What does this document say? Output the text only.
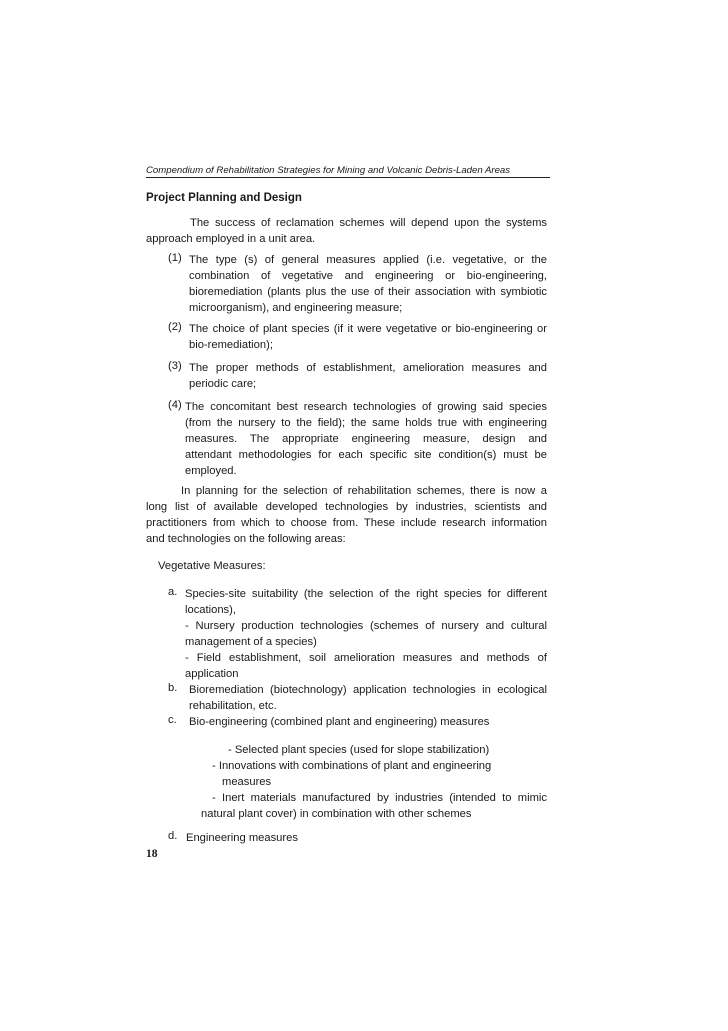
Compendium of Rehabilitation Strategies for Mining and Volcanic Debris-Laden Areas
Project Planning and Design
The success of reclamation schemes will depend upon the systems
approach employed in a unit area.
(1) The type (s) of general measures applied (i.e. vegetative, or the
combination of vegetative and engineering or bio-engineering,
bioremediation (plants plus the use of their association with symbiotic
microorganism), and engineering measure;
(2) The choice of plant species (if it were vegetative or bio-engineering or
bio-remediation);
(3) The proper methods of establishment, amelioration measures and
periodic care;
(4) The concomitant best research technologies of growing said species
(from the nursery to the field); the same holds true with engineering
measures. The appropriate engineering measure, design and
attendant methodologies for each specific site condition(s) must be
employed.
In planning for the selection of rehabilitation schemes, there is now a
long list of available developed technologies by industries, scientists and
practitioners from which to choose from. These include research information
and technologies on the following areas:
Vegetative Measures:
a. Species-site suitability (the selection of the right species for different
locations),
- Nursery production technologies (schemes of nursery and cultural
management of a species)
- Field establishment, soil amelioration measures and methods of
application
b. Bioremediation (biotechnology) application technologies in ecological
rehabilitation, etc.
c. Bio-engineering (combined plant and engineering) measures
- Selected plant species (used for slope stabilization)
- Innovations with combinations of plant and engineering
measures
- Inert materials manufactured by industries (intended to mimic
natural plant cover) in combination with other schemes
d. Engineering measures
18
